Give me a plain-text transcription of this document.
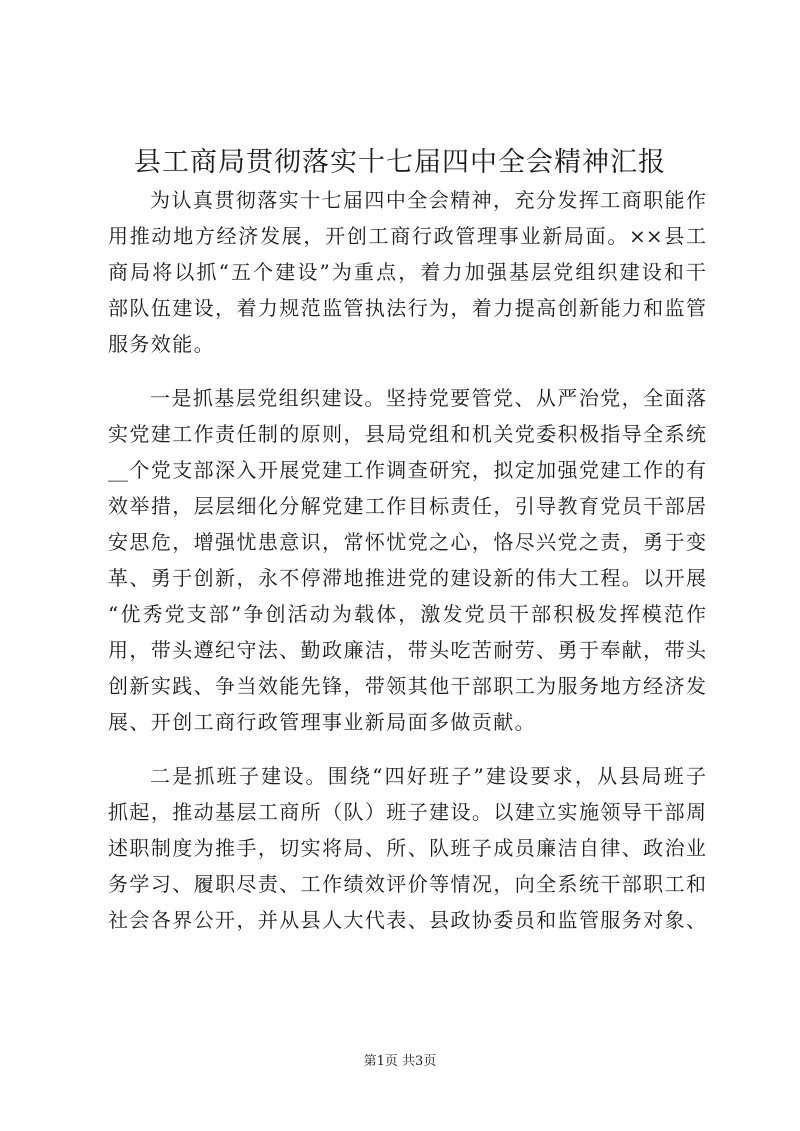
县工商局贯彻落实十七届四中全会精神汇报
为认真贯彻落实十七届四中全会精神，充分发挥工商职能作
用推动地方经济发展，开创工商行政管理事业新局面。××县工
商局将以抓“五个建设”为重点，着力加强基层党组织建设和干
部队伍建设，着力规范监管执法行为，着力提高创新能力和监管
服务效能。
一是抓基层党组织建设。坚持党要管党、从严治党，全面落
实党建工作责任制的原则，县局党组和机关党委积极指导全系统
__个党支部深入开展党建工作调查研究，拟定加强党建工作的有
效举措，层层细化分解党建工作目标责任，引导教育党员干部居
安思危，增强忧患意识，常怀忧党之心，恪尽兴党之责，勇于变
革、勇于创新，永不停滞地推进党的建设新的伟大工程。以开展
“优秀党支部”争创活动为载体，激发党员干部积极发挥模范作
用，带头遵纪守法、勤政廉洁，带头吃苦耐劳、勇于奉献，带头
创新实践、争当效能先锋，带领其他干部职工为服务地方经济发
展、开创工商行政管理事业新局面多做贡献。
二是抓班子建设。围绕“四好班子”建设要求，从县局班子
抓起，推动基层工商所（队）班子建设。以建立实施领导干部周
述职制度为推手，切实将局、所、队班子成员廉洁自律、政治业
务学习、履职尽责、工作绩效评价等情况，向全系统干部职工和
社会各界公开，并从县人大代表、县政协委员和监管服务对象、
第1页 共3页
